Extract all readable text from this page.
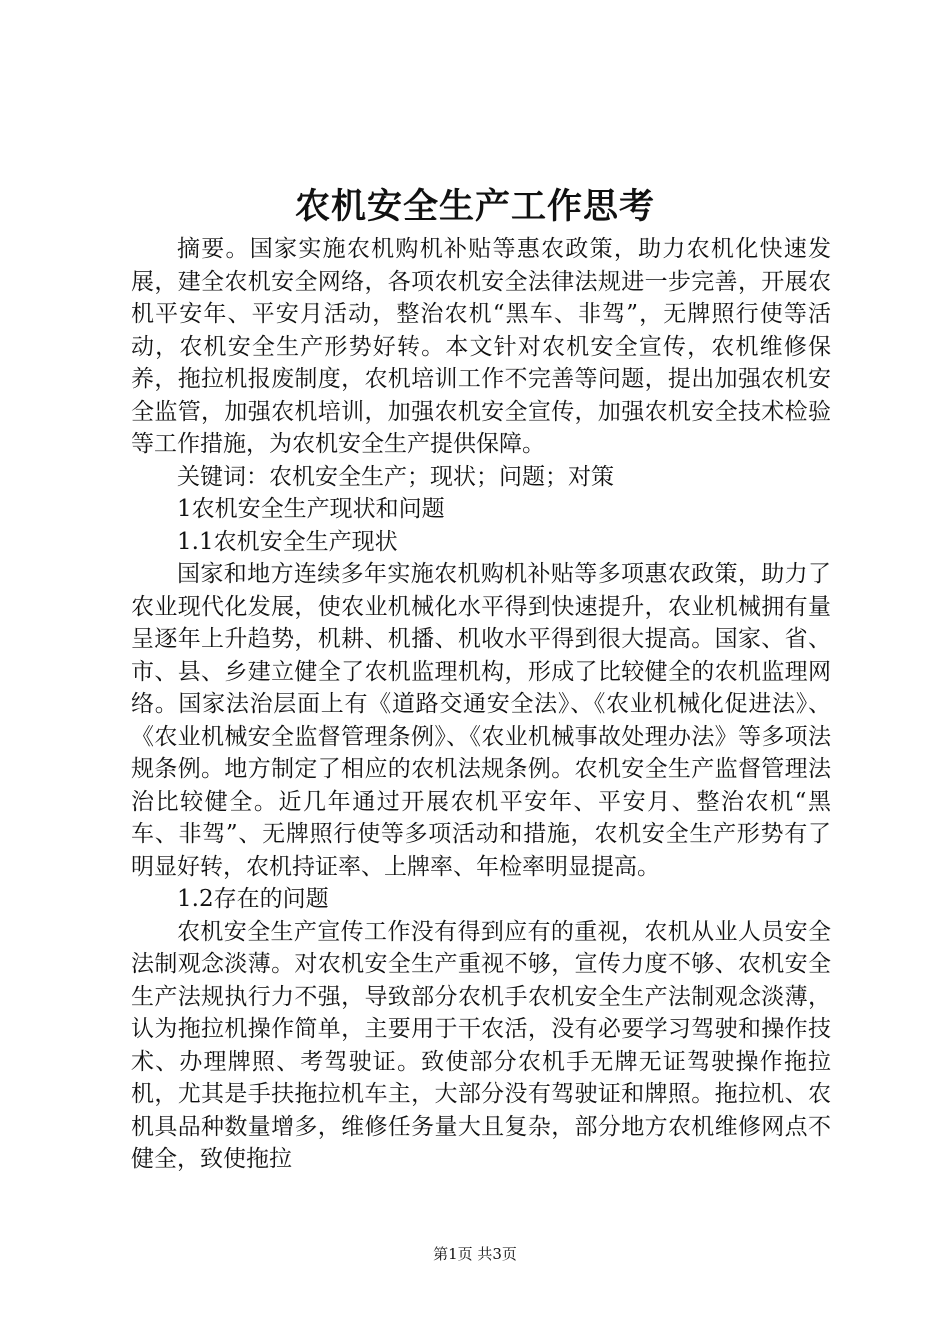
农机安全生产工作思考

摘要。国家实施农机购机补贴等惠农政策，助力农机化快速发展，建全农机安全网络，各项农机安全法律法规进一步完善，开展农机平安年、平安月活动，整治农机“黑车、非驾”，无牌照行使等活动，农机安全生产形势好转。本文针对农机安全宣传，农机维修保养，拖拉机报废制度，农机培训工作不完善等问题，提出加强农机安全监管，加强农机培训，加强农机安全宣传，加强农机安全技术检验等工作措施，为农机安全生产提供保障。

关键词：农机安全生产；现状；问题；对策

1农机安全生产现状和问题

1.1农机安全生产现状

国家和地方连续多年实施农机购机补贴等多项惠农政策，助力了农业现代化发展，使农业机械化水平得到快速提升，农业机械拥有量呈逐年上升趋势，机耕、机播、机收水平得到很大提高。国家、省、市、县、乡建立健全了农机监理机构，形成了比较健全的农机监理网络。国家法治层面上有《道路交通安全法》、《农业机械化促进法》、《农业机械安全监督管理条例》、《农业机械事故处理办法》等多项法规条例。地方制定了相应的农机法规条例。农机安全生产监督管理法治比较健全。近几年通过开展农机平安年、平安月、整治农机“黑车、非驾”、无牌照行使等多项活动和措施，农机安全生产形势有了明显好转，农机持证率、上牌率、年检率明显提高。

1.2存在的问题

农机安全生产宣传工作没有得到应有的重视，农机从业人员安全法制观念淡薄。对农机安全生产重视不够，宣传力度不够、农机安全生产法规执行力不强，导致部分农机手农机安全生产法制观念淡薄，认为拖拉机操作简单，主要用于干农活，没有必要学习驾驶和操作技术、办理牌照、考驾驶证。致使部分农机手无牌无证驾驶操作拖拉机，尤其是手扶拖拉机车主，大部分没有驾驶证和牌照。拖拉机、农机具品种数量增多，维修任务量大且复杂，部分地方农机维修网点不健全，致使拖拉

第1页 共3页
